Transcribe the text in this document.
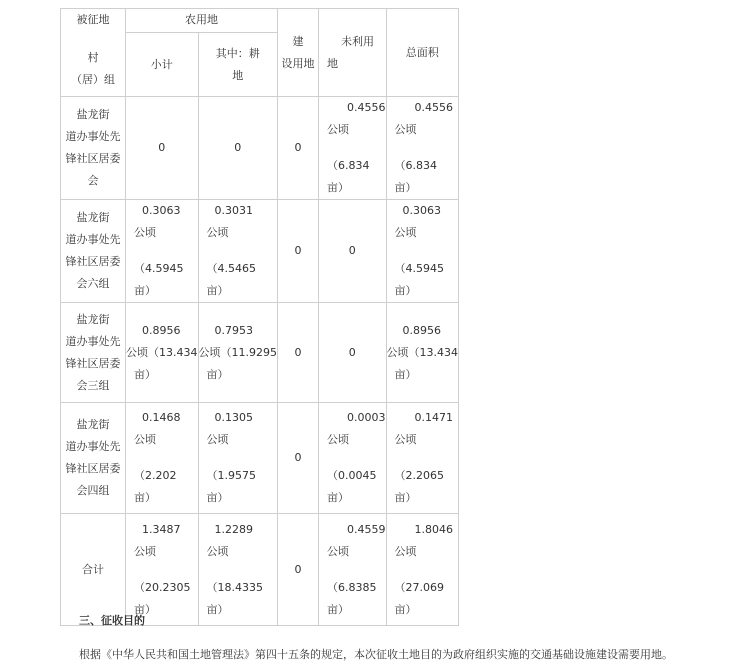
被征地
村
（居）组	农用地		建
设用地	未利用
地	总面积
	小计	其中：耕
地			

盐龙街
道办事处先
锋社区居委
会	0	0	0	0.4556
公顷
（6.834
亩）	0.4556
公顷
（6.834
亩）

盐龙街
道办事处先
锋社区居委
会六组	0.3063
公顷
（4.5945
亩）	0.3031
公顷
（4.5465
亩）	0	0	0.3063
公顷
（4.5945
亩）

盐龙街
道办事处先
锋社区居委
会三组	0.8956
公顷（13.434
亩）	0.7953
公顷（11.9295
亩）	0	0	0.8956
公顷（13.434
亩）

盐龙街
道办事处先
锋社区居委
会四组	0.1468
公顷
（2.202
亩）	0.1305
公顷
（1.9575
亩）	0	0.0003
公顷
（0.0045
亩）	0.1471
公顷
（2.2065
亩）

合计	1.3487
公顷
（20.2305
亩）	1.2289
公顷
（18.4335
亩）	0	0.4559
公顷
（6.8385
亩）	1.8046
公顷
（27.069
亩）
三、征收目的
根据《中华人民共和国土地管理法》第四十五条的规定，本次征收土地目的为政府组织实施的交通基础设施建设需要用地。
